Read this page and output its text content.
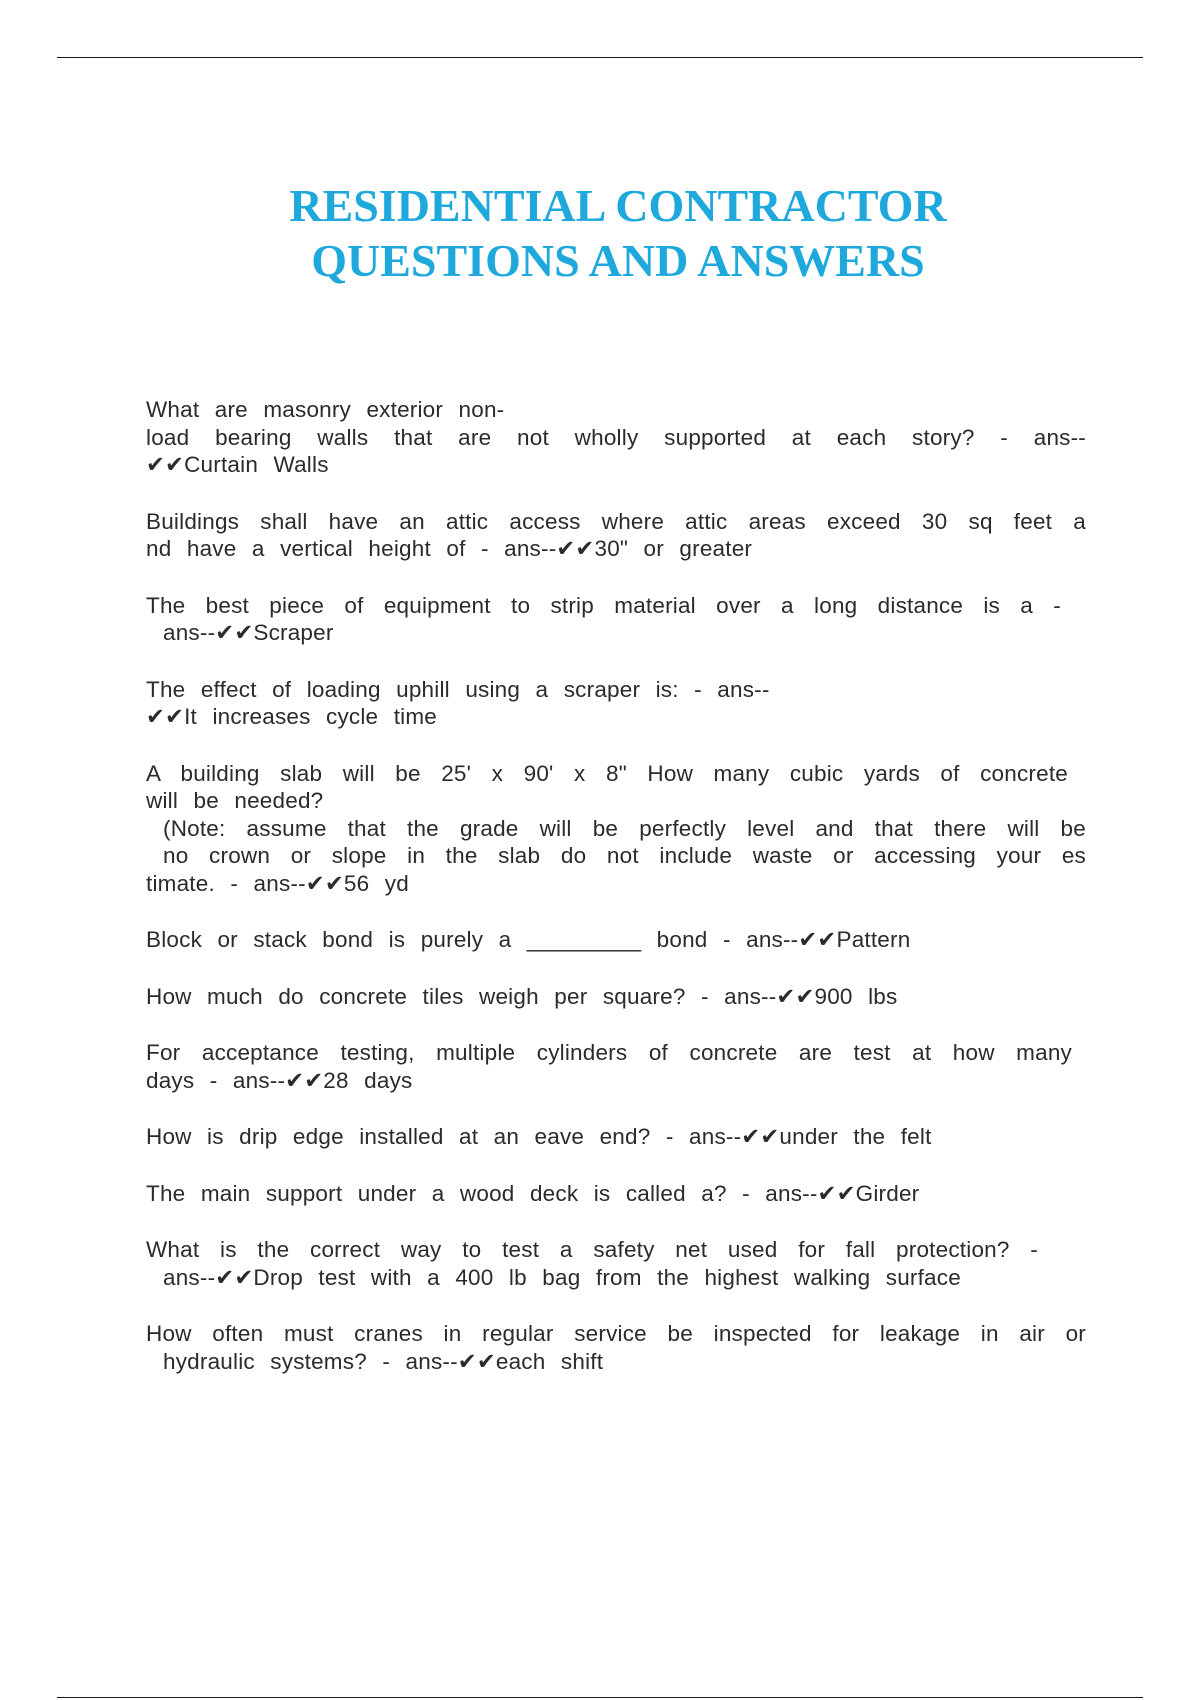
RESIDENTIAL CONTRACTOR
QUESTIONS AND ANSWERS
What are masonry exterior non-
load bearing walls that are not wholly supported at each story? - ans--
✔✔Curtain Walls
Buildings shall have an attic access where attic areas exceed 30 sq feet a
nd have a vertical height of - ans--✔✔30" or greater
The best piece of equipment to strip material over a long distance is a -
ans--✔✔Scraper
The effect of loading uphill using a scraper is: - ans--
✔✔It increases cycle time
A building slab will be 25' x 90' x 8" How many cubic yards of concrete
will be needed?
(Note: assume that the grade will be perfectly level and that there will be
no crown or slope in the slab do not include waste or accessing your es
timate. - ans--✔✔56 yd
Block or stack bond is purely a _________ bond - ans--✔✔Pattern
How much do concrete tiles weigh per square? - ans--✔✔900 lbs
For acceptance testing, multiple cylinders of concrete are test at how many
days - ans--✔✔28 days
How is drip edge installed at an eave end? - ans--✔✔under the felt
The main support under a wood deck is called a? - ans--✔✔Girder
What is the correct way to test a safety net used for fall protection? -
ans--✔✔Drop test with a 400 lb bag from the highest walking surface
How often must cranes in regular service be inspected for leakage in air or
hydraulic systems? - ans--✔✔each shift
